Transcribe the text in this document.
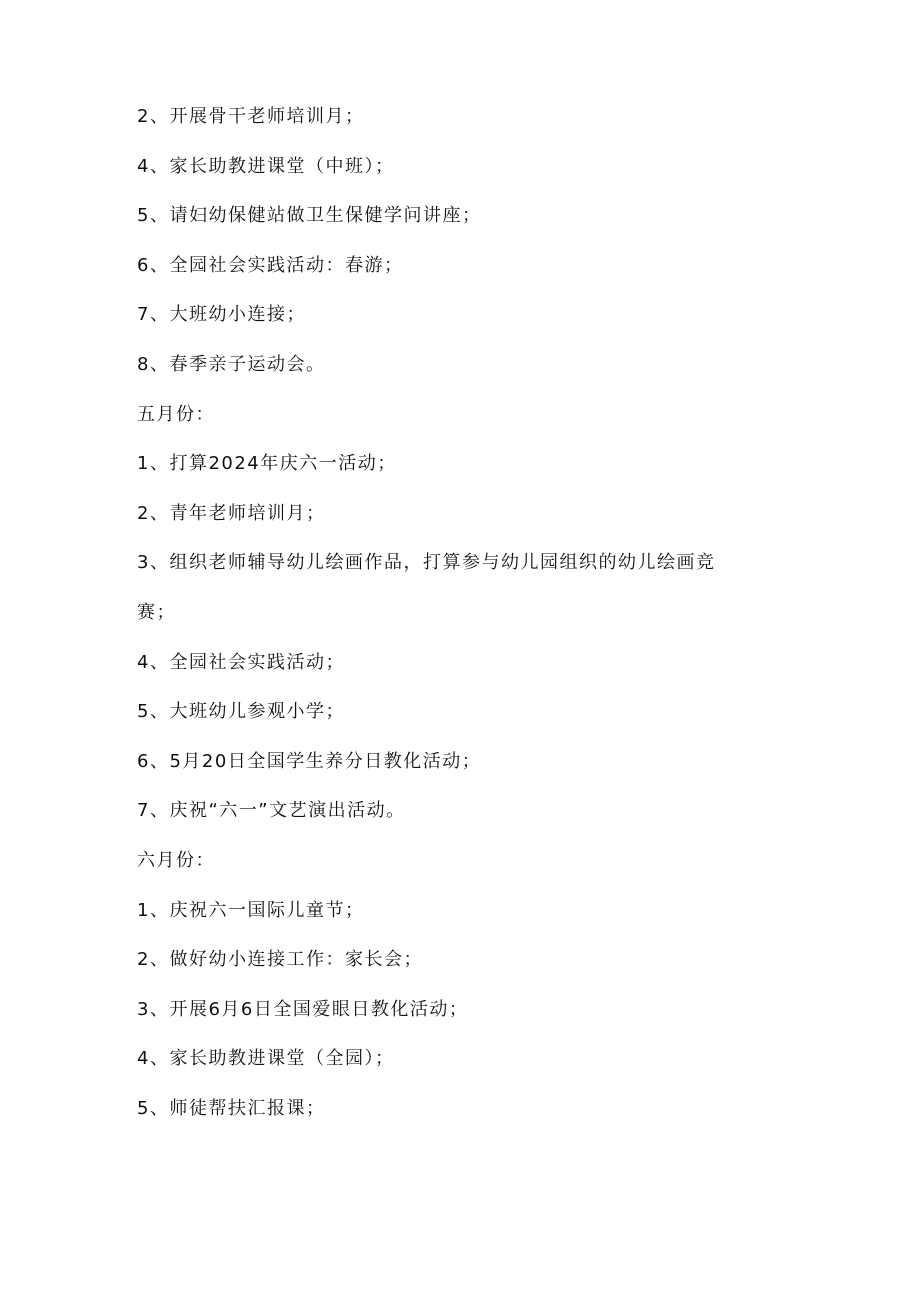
2、开展骨干老师培训月；
4、家长助教进课堂（中班）；
5、请妇幼保健站做卫生保健学问讲座；
6、全园社会实践活动：春游；
7、大班幼小连接；
8、春季亲子运动会。
五月份：
1、打算2024年庆六一活动；
2、青年老师培训月；
3、组织老师辅导幼儿绘画作品，打算参与幼儿园组织的幼儿绘画竞
赛；
4、全园社会实践活动；
5、大班幼儿参观小学；
6、5月20日全国学生养分日教化活动；
7、庆祝“六一”文艺演出活动。
六月份：
1、庆祝六一国际儿童节；
2、做好幼小连接工作：家长会；
3、开展6月6日全国爱眼日教化活动；
4、家长助教进课堂（全园）；
5、师徒帮扶汇报课；
